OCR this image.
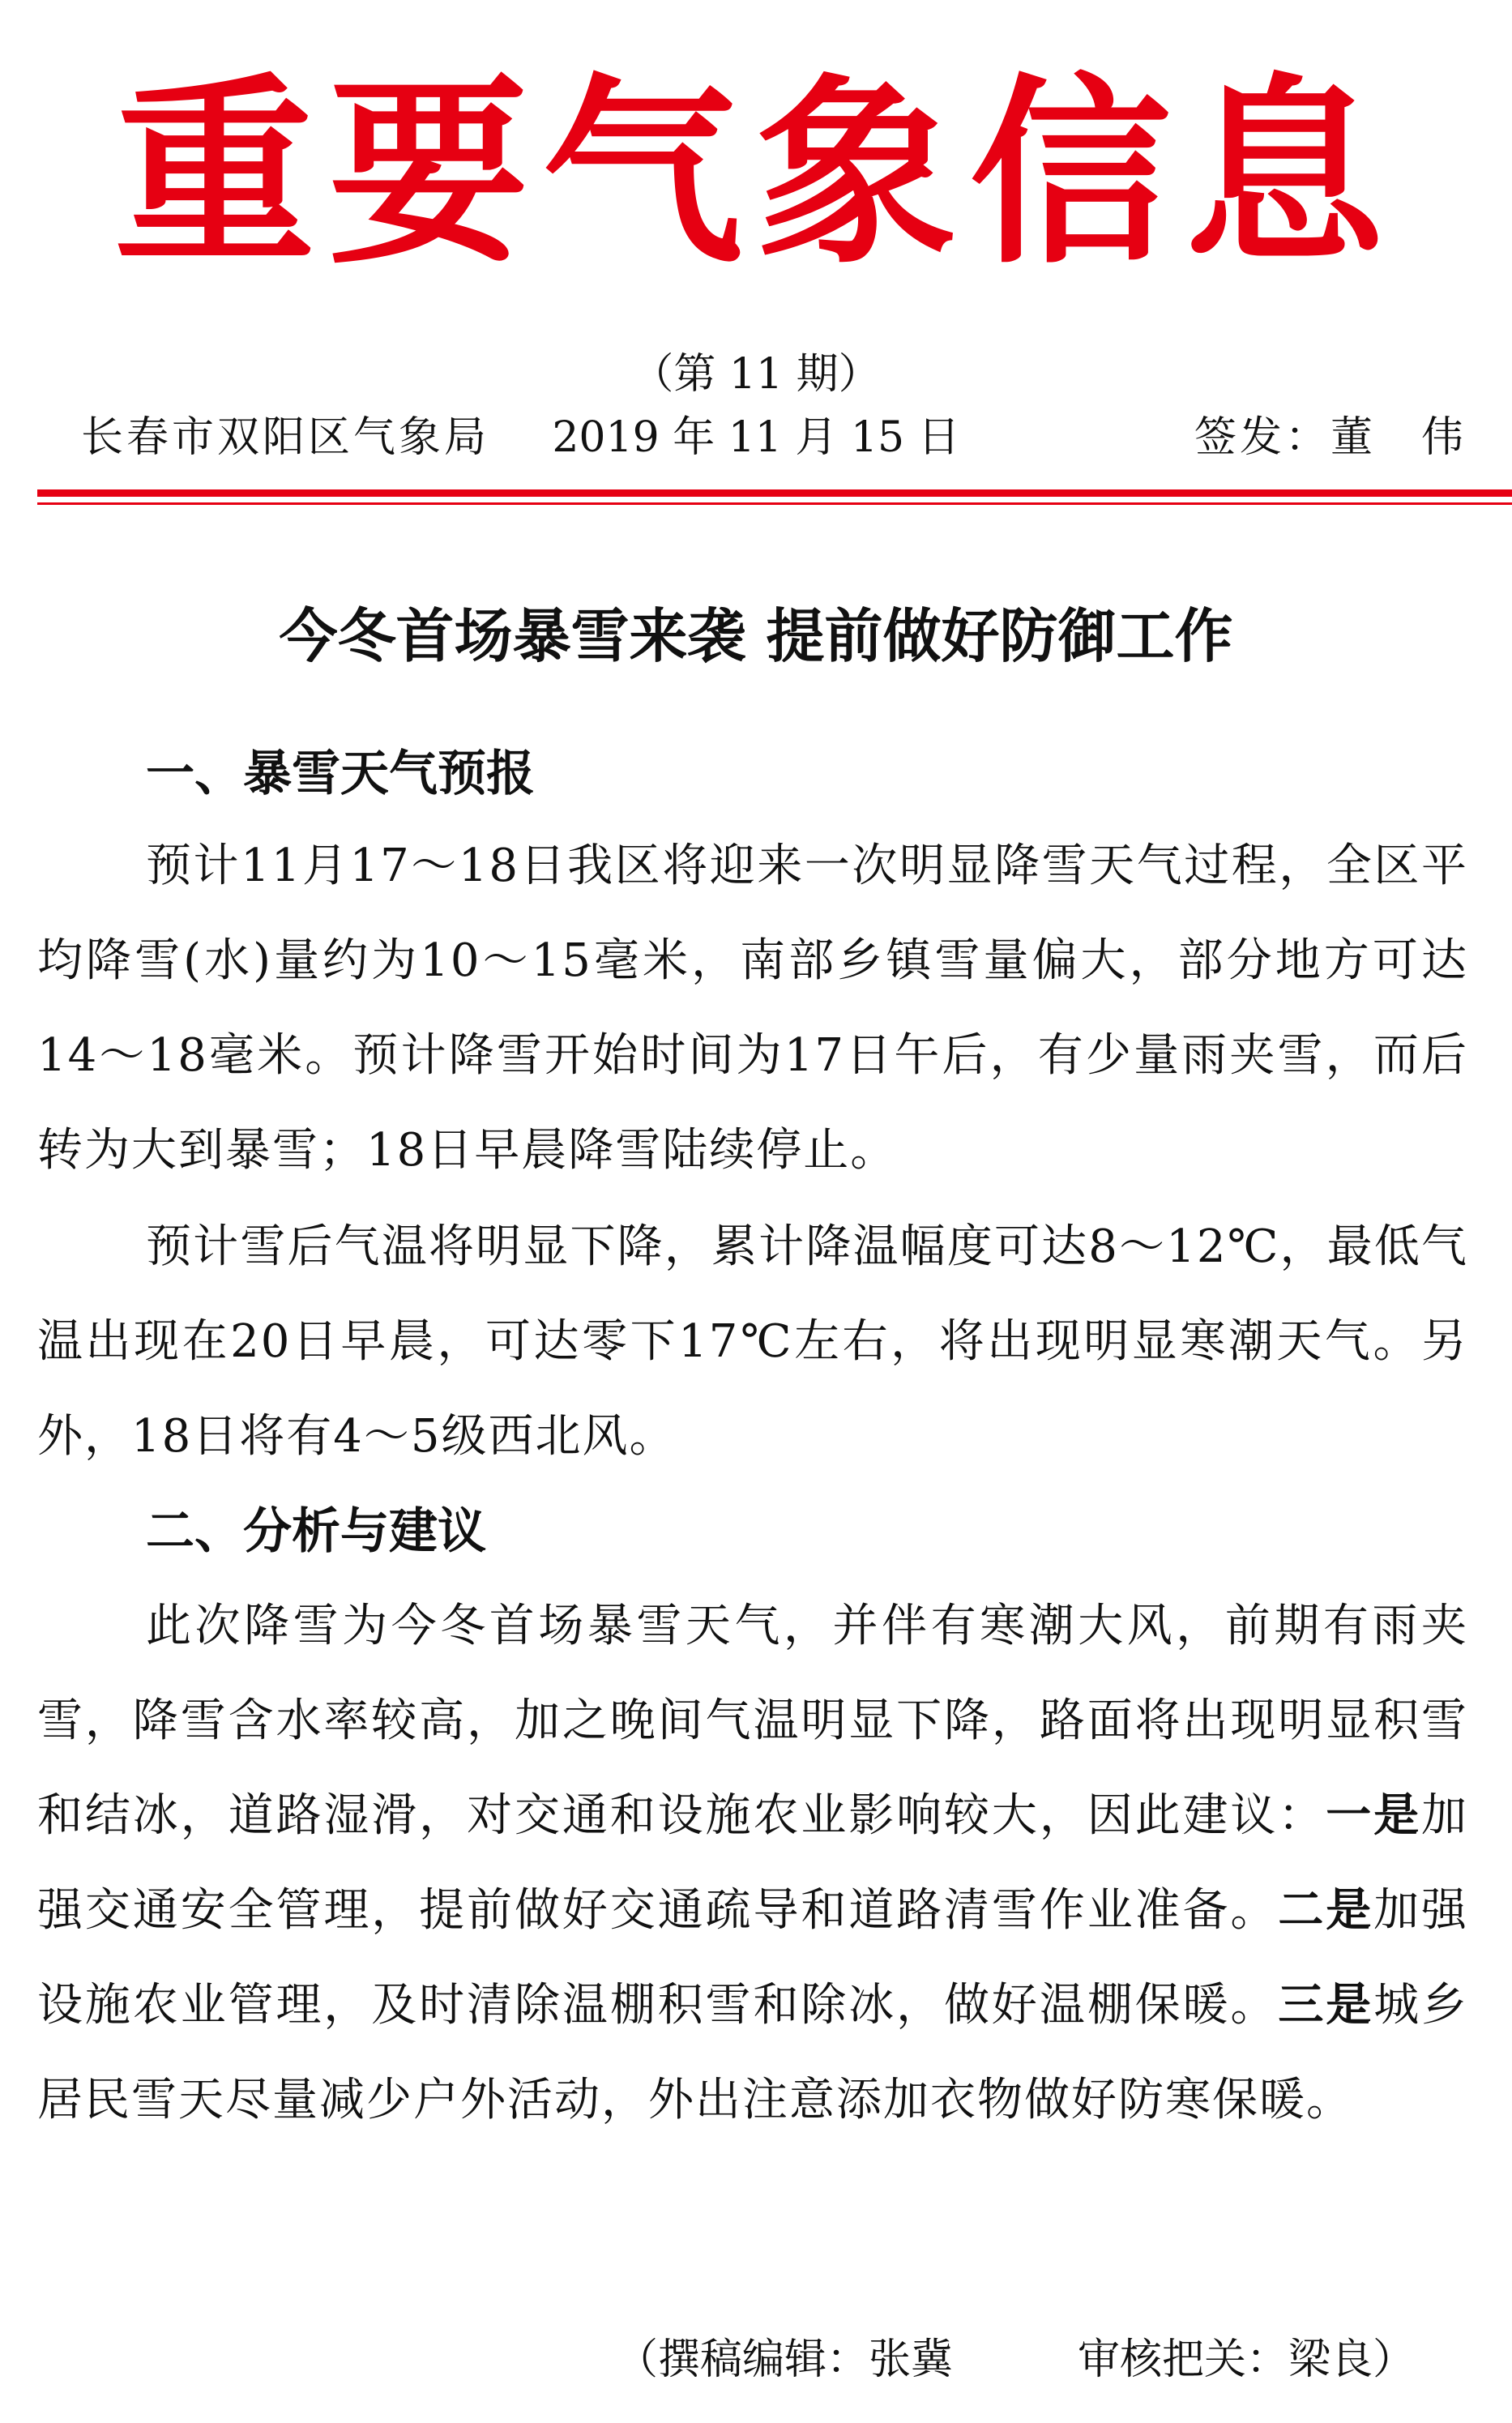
重要气象信息
（第 11 期）
长春市双阳区气象局	2019 年 11 月 15 日	签发：董　伟
今冬首场暴雪来袭 提前做好防御工作
一、暴雪天气预报
预计11月17～18日我区将迎来一次明显降雪天气过程，全区平均降雪(水)量约为10～15毫米，南部乡镇雪量偏大，部分地方可达14～18毫米。预计降雪开始时间为17日午后，有少量雨夹雪，而后转为大到暴雪；18日早晨降雪陆续停止。
预计雪后气温将明显下降，累计降温幅度可达8～12℃，最低气温出现在20日早晨，可达零下17℃左右，将出现明显寒潮天气。另外，18日将有4～5级西北风。
二、分析与建议
此次降雪为今冬首场暴雪天气，并伴有寒潮大风，前期有雨夹雪，降雪含水率较高，加之晚间气温明显下降，路面将出现明显积雪和结冰，道路湿滑，对交通和设施农业影响较大，因此建议：一是加强交通安全管理，提前做好交通疏导和道路清雪作业准备。二是加强设施农业管理，及时清除温棚积雪和除冰，做好温棚保暖。三是城乡居民雪天尽量减少户外活动，外出注意添加衣物做好防寒保暖。
（撰稿编辑：张冀	审核把关：梁良）
